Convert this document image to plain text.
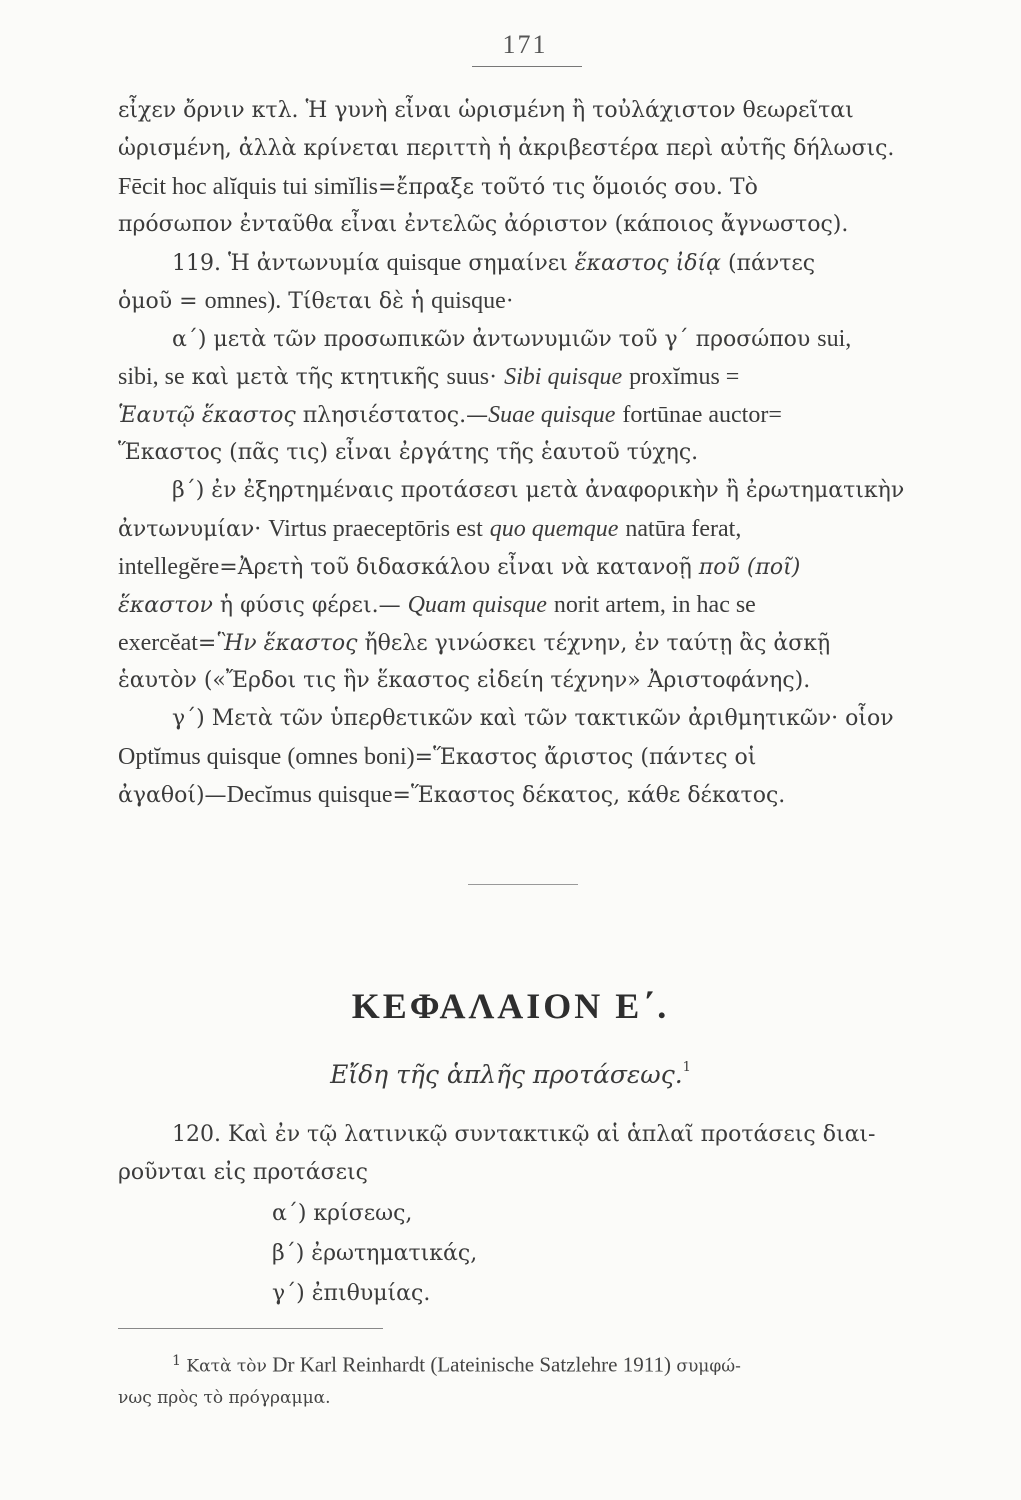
171
εἶχεν ὄρνιν κτλ. Ἡ γυνὴ εἶναι ὡρισμένη ἢ τοὐλάχιστον θεωρεῖται
ὡρισμένη, ἀλλὰ κρίνεται περιττὴ ἡ ἀκριβεστέρα περὶ αὐτῆς δήλωσις.
Fēcit hoc alĭquis tui simĭlis=ἔπραξε τοῦτό τις ὅμοιός σου. Τὸ
πρόσωπον ἐνταῦθα εἶναι ἐντελῶς ἀόριστον (κάποιος ἄγνωστος).
119. Ἡ ἀντωνυμία quisque σημαίνει ἕκαστος ἰδίᾳ (πάντες
ὁμοῦ = omnes). Τίθεται δὲ ἡ quisque·
α΄) μετὰ τῶν προσωπικῶν ἀντωνυμιῶν τοῦ γ΄ προσώπου sui,
sibi, se καὶ μετὰ τῆς κτητικῆς suus· Sibi quisque proxĭmus =
Ἑαυτῷ ἕκαστος πλησιέστατος.—Suae quisque fortūnae auctor=
Ἕκαστος (πᾶς τις) εἶναι ἐργάτης τῆς ἑαυτοῦ τύχης.
β΄) ἐν ἐξηρτημέναις προτάσεσι μετὰ ἀναφορικὴν ἢ ἐρωτηματικὴν
ἀντωνυμίαν· Virtus praeceptōris est quo quemque natūra ferat,
intellegĕre=Ἀρετὴ τοῦ διδασκάλου εἶναι νὰ κατανοῇ ποῦ (ποῖ)
ἕκαστον ἡ φύσις φέρει.— Quam quisque norit artem, in hac se
exercĕat=Ἣν ἕκαστος ἤθελε γινώσκει τέχνην, ἐν ταύτῃ ἂς ἀσκῇ
ἑαυτὸν («Ἔρδοι τις ἣν ἕκαστος εἰδείη τέχνην» Ἀριστοφάνης).
γ΄) Μετὰ τῶν ὑπερθετικῶν καὶ τῶν τακτικῶν ἀριθμητικῶν· οἷον
Optĭmus quisque (omnes boni)=Ἕκαστος ἄριστος (πάντες οἱ
ἀγαθοί)—Decĭmus quisque=Ἕκαστος δέκατος, κάθε δέκατος.
ΚΕΦΑΛΑΙΟΝ Ε΄.
Εἴδη τῆς ἁπλῆς προτάσεως.$^1$
120. Καὶ ἐν τῷ λατινικῷ συντακτικῷ αἱ ἁπλαῖ προτάσεις διαι-
ροῦνται εἰς προτάσεις
α΄) κρίσεως,
β΄) ἐρωτηματικάς,
γ΄) ἐπιθυμίας.
$^1$ Κατὰ τὸν Dr Karl Reinhardt (Lateinische Satzlehre 1911) συμφώ-
νως πρὸς τὸ πρόγραμμα.
